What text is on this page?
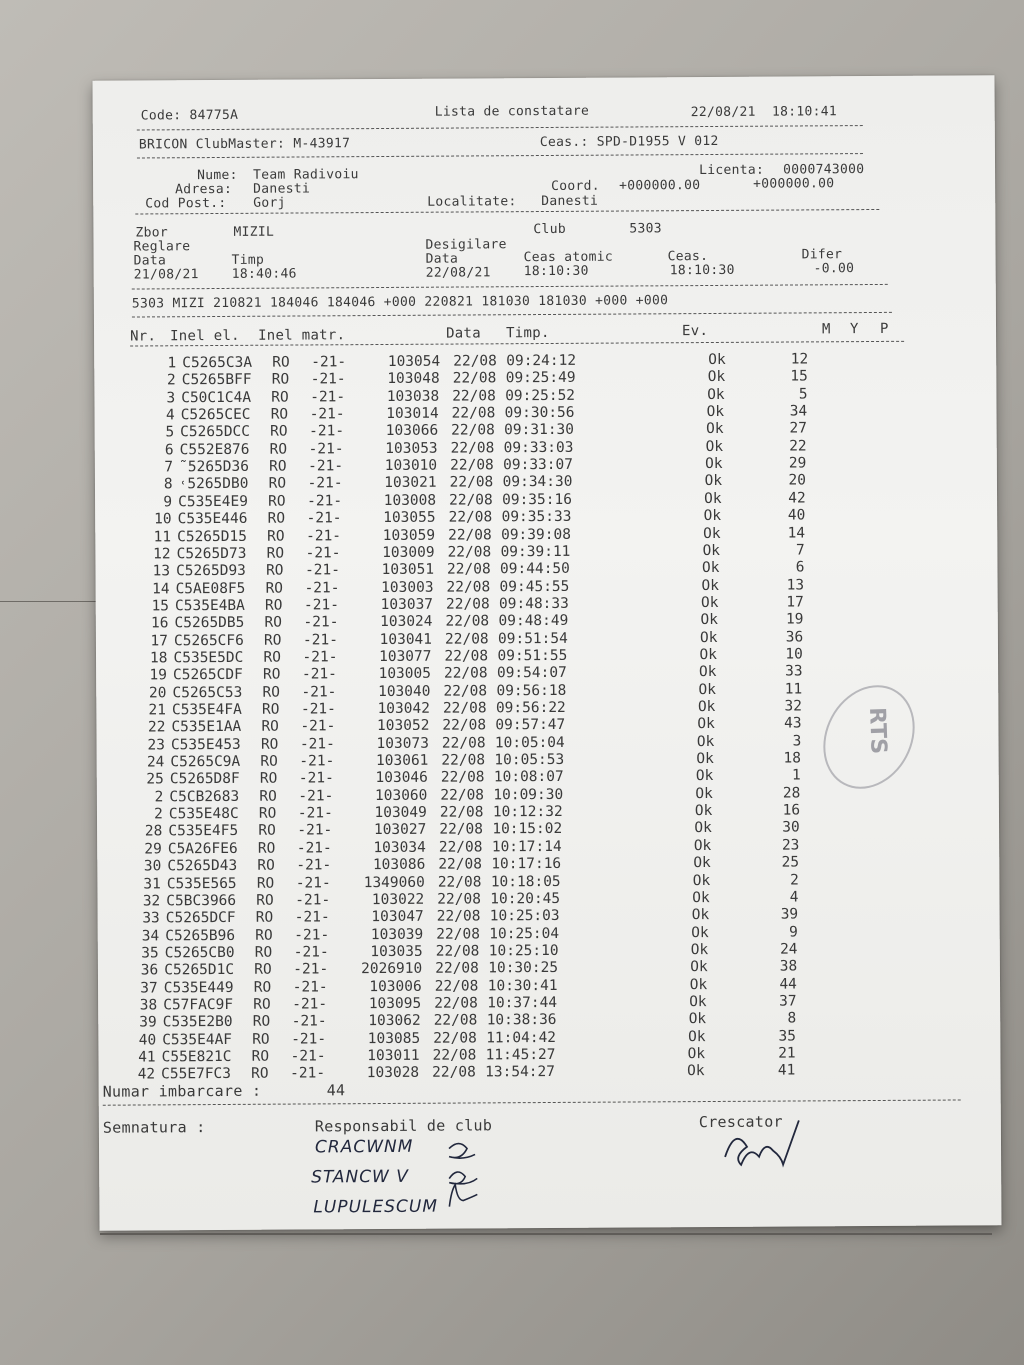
Code: 84775A	Lista de constatare	22/08/21  18:10:41
BRICON ClubMaster: M-43917	Ceas.: SPD-D1955 V 012
Nume: Team Radivoiu
Adresa: Danesti
Cod Post.: Gorj
Licenta: 0000743000
Coord. +000000.00	+000000.00
Localitate: Danesti
Zbor	MIZIL	Club	5303
Reglare	Desigilare
Data	Timp	Data	Ceas atomic	Ceas.	Difer
21/08/21	18:40:46	22/08/21	18:10:30	18:10:30	-0.00
5303 MIZI 210821 184046 184046 +000 220821 181030 181030 +000 +000
Nr. Inel el. Inel matr.	Data Timp.	Ev.	M Y P
1 C5265C3A RO -21-	103054 22/08 09:24:12	Ok	12
2 C5265BFF RO -21-	103048 22/08 09:25:49	Ok	15
3 C50C1C4A RO -21-	103038 22/08 09:25:52	Ok	5
4 C5265CEC RO -21-	103014 22/08 09:30:56	Ok	34
5 C5265DCC RO -21-	103066 22/08 09:31:30	Ok	27
6 C552E876 RO -21-	103053 22/08 09:33:03	Ok	22
7 ˜5265D36 RO -21-	103010 22/08 09:33:07	Ok	29
8 ˓5265DB0 RO -21-	103021 22/08 09:34:30	Ok	20
9 C535E4E9 RO -21-	103008 22/08 09:35:16	Ok	42
10 C535E446 RO -21-	103055 22/08 09:35:33	Ok	40
11 C5265D15 RO -21-	103059 22/08 09:39:08	Ok	14
12 C5265D73 RO -21-	103009 22/08 09:39:11	Ok	7
13 C5265D93 RO -21-	103051 22/08 09:44:50	Ok	6
14 C5AE08F5 RO -21-	103003 22/08 09:45:55	Ok	13
15 C535E4BA RO -21-	103037 22/08 09:48:33	Ok	17
16 C5265DB5 RO -21-	103024 22/08 09:48:49	Ok	19
17 C5265CF6 RO -21-	103041 22/08 09:51:54	Ok	36
18 C535E5DC RO -21-	103077 22/08 09:51:55	Ok	10
19 C5265CDF RO -21-	103005 22/08 09:54:07	Ok	33
20 C5265C53 RO -21-	103040 22/08 09:56:18	Ok	11
21 C535E4FA RO -21-	103042 22/08 09:56:22	Ok	32
22 C535E1AA RO -21-	103052 22/08 09:57:47	Ok	43
23 C535E453 RO -21-	103073 22/08 10:05:04	Ok	3
24 C5265C9A RO -21-	103061 22/08 10:05:53	Ok	18
25 C5265D8F RO -21-	103046 22/08 10:08:07	Ok	1
2 C5CB2683 RO -21-	103060 22/08 10:09:30	Ok	28
2 C535E48C RO -21-	103049 22/08 10:12:32	Ok	16
28 C535E4F5 RO -21-	103027 22/08 10:15:02	Ok	30
29 C5A26FE6 RO -21-	103034 22/08 10:17:14	Ok	23
30 C5265D43 RO -21-	103086 22/08 10:17:16	Ok	25
31 C535E565 RO -21-	1349060 22/08 10:18:05	Ok	2
32 C5BC3966 RO -21-	103022 22/08 10:20:45	Ok	4
33 C5265DCF RO -21-	103047 22/08 10:25:03	Ok	39
34 C5265B96 RO -21-	103039 22/08 10:25:04	Ok	9
35 C5265CB0 RO -21-	103035 22/08 10:25:10	Ok	24
36 C5265D1C RO -21-	2026910 22/08 10:30:25	Ok	38
37 C535E449 RO -21-	103006 22/08 10:30:41	Ok	44
38 C57FAC9F RO -21-	103095 22/08 10:37:44	Ok	37
39 C535E2B0 RO -21-	103062 22/08 10:38:36	Ok	8
40 C535E4AF RO -21-	103085 22/08 11:04:42	Ok	35
41 C55E821C RO -21-	103011 22/08 11:45:27	Ok	21
42 C55E7FC3 RO -21-	103028 22/08 13:54:27	Ok	41
Numar imbarcare :	44
Semnatura :	Responsabil de club	Crescator
CRACWNM
STANCW V
LUPULESCUM
RTS
